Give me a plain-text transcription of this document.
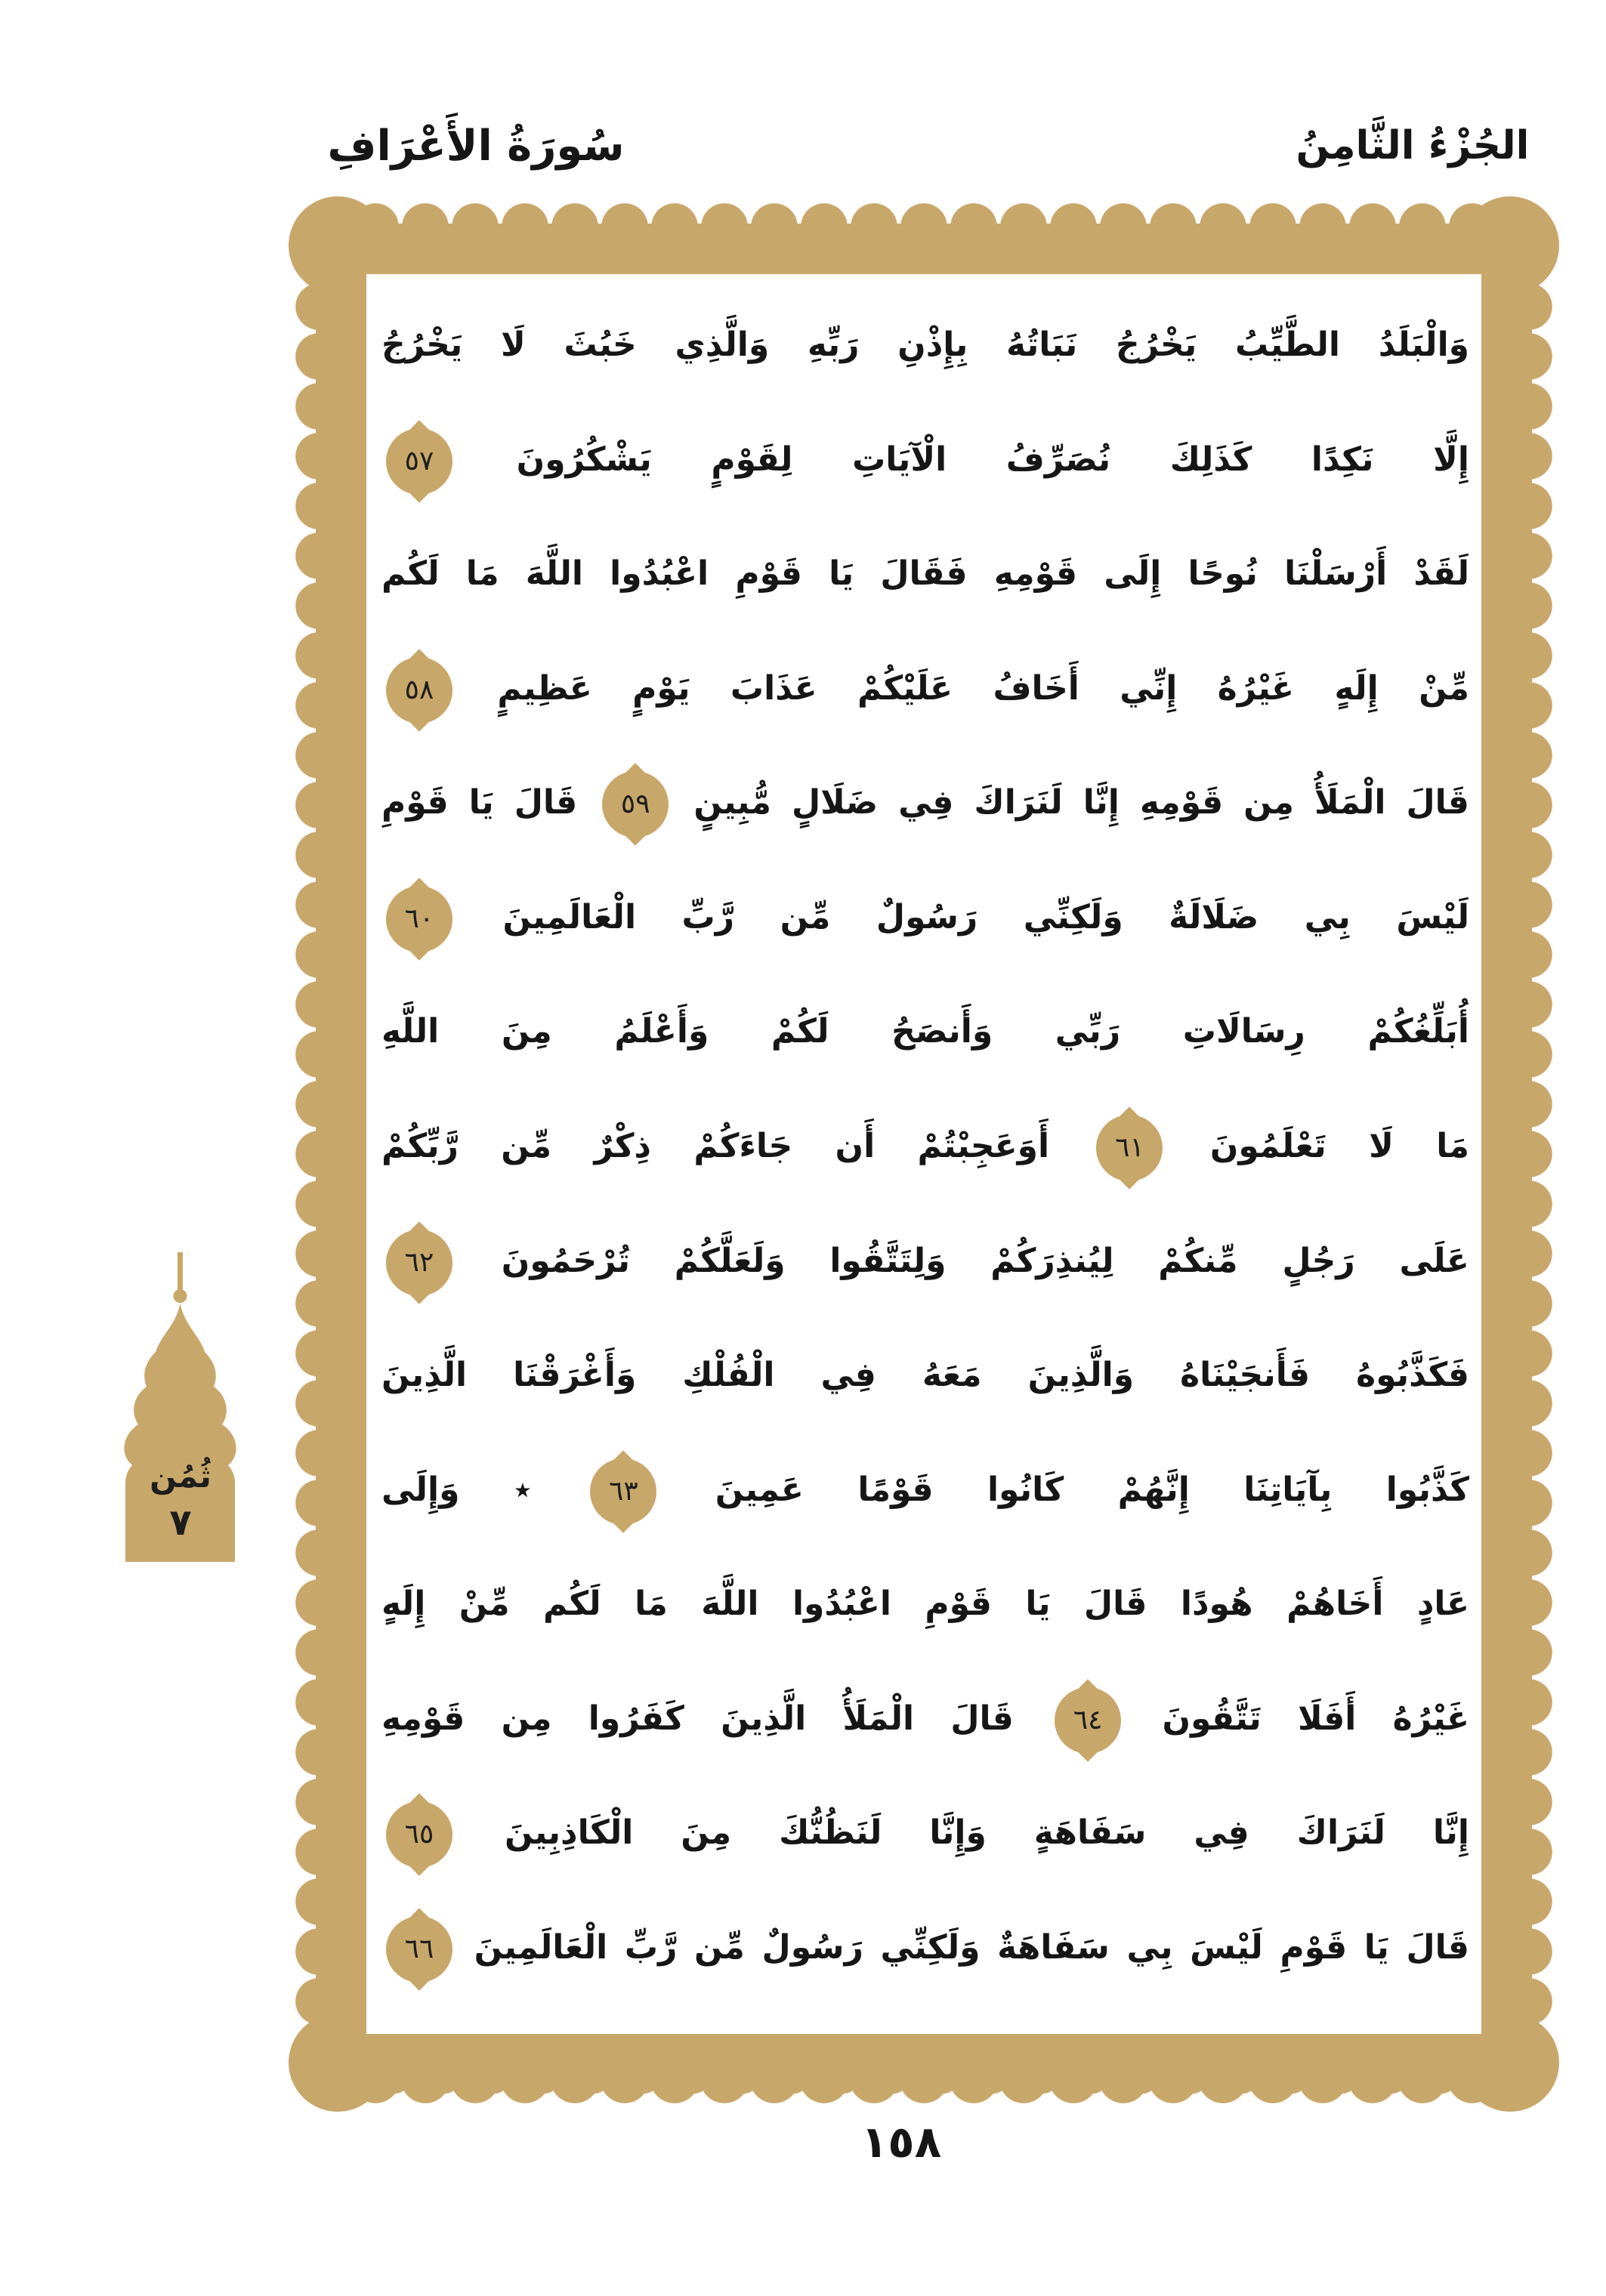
سُورَةُ الأَعْرَافِ	الجُزْءُ الثَّامِنُ
وَالْبَلَدُ الطَّيِّبُ يَخْرُجُ نَبَاتُهُ بِإِذْنِ رَبِّهِ وَالَّذِي خَبُثَ لَا يَخْرُجُ
إِلَّا نَكِدًا كَذَلِكَ نُصَرِّفُ الْآيَاتِ لِقَوْمٍ يَشْكُرُونَ
٥٧
لَقَدْ أَرْسَلْنَا نُوحًا إِلَى قَوْمِهِ فَقَالَ يَا قَوْمِ اعْبُدُوا اللَّهَ مَا لَكُم
مِّنْ إِلَهٍ غَيْرُهُ إِنِّي أَخَافُ عَلَيْكُمْ عَذَابَ يَوْمٍ عَظِيمٍ
٥٨
قَالَ الْمَلَأُ مِن قَوْمِهِ إِنَّا لَنَرَاكَ فِي ضَلَالٍ مُّبِينٍ
٥٩
قَالَ يَا قَوْمِ
لَيْسَ بِي ضَلَالَةٌ وَلَكِنِّي رَسُولٌ مِّن رَّبِّ الْعَالَمِينَ
٦٠
أُبَلِّغُكُمْ رِسَالَاتِ رَبِّي وَأَنصَحُ لَكُمْ وَأَعْلَمُ مِنَ اللَّهِ
مَا لَا تَعْلَمُونَ
٦١
أَوَعَجِبْتُمْ أَن جَاءَكُمْ ذِكْرٌ مِّن رَّبِّكُمْ
عَلَى رَجُلٍ مِّنكُمْ لِيُنذِرَكُمْ وَلِتَتَّقُوا وَلَعَلَّكُمْ تُرْحَمُونَ
٦٢
فَكَذَّبُوهُ فَأَنجَيْنَاهُ وَالَّذِينَ مَعَهُ فِي الْفُلْكِ وَأَغْرَقْنَا الَّذِينَ
كَذَّبُوا بِآيَاتِنَا إِنَّهُمْ كَانُوا قَوْمًا عَمِينَ
٦٣
٭ وَإِلَى
عَادٍ أَخَاهُمْ هُودًا قَالَ يَا قَوْمِ اعْبُدُوا اللَّهَ مَا لَكُم مِّنْ إِلَهٍ
غَيْرُهُ أَفَلَا تَتَّقُونَ
٦٤
قَالَ الْمَلَأُ الَّذِينَ كَفَرُوا مِن قَوْمِهِ
إِنَّا لَنَرَاكَ فِي سَفَاهَةٍ وَإِنَّا لَنَظُنُّكَ مِنَ الْكَاذِبِينَ
٦٥
قَالَ يَا قَوْمِ لَيْسَ بِي سَفَاهَةٌ وَلَكِنِّي رَسُولٌ مِّن رَّبِّ الْعَالَمِينَ
٦٦
ثُمُن
٧
١٥٨
